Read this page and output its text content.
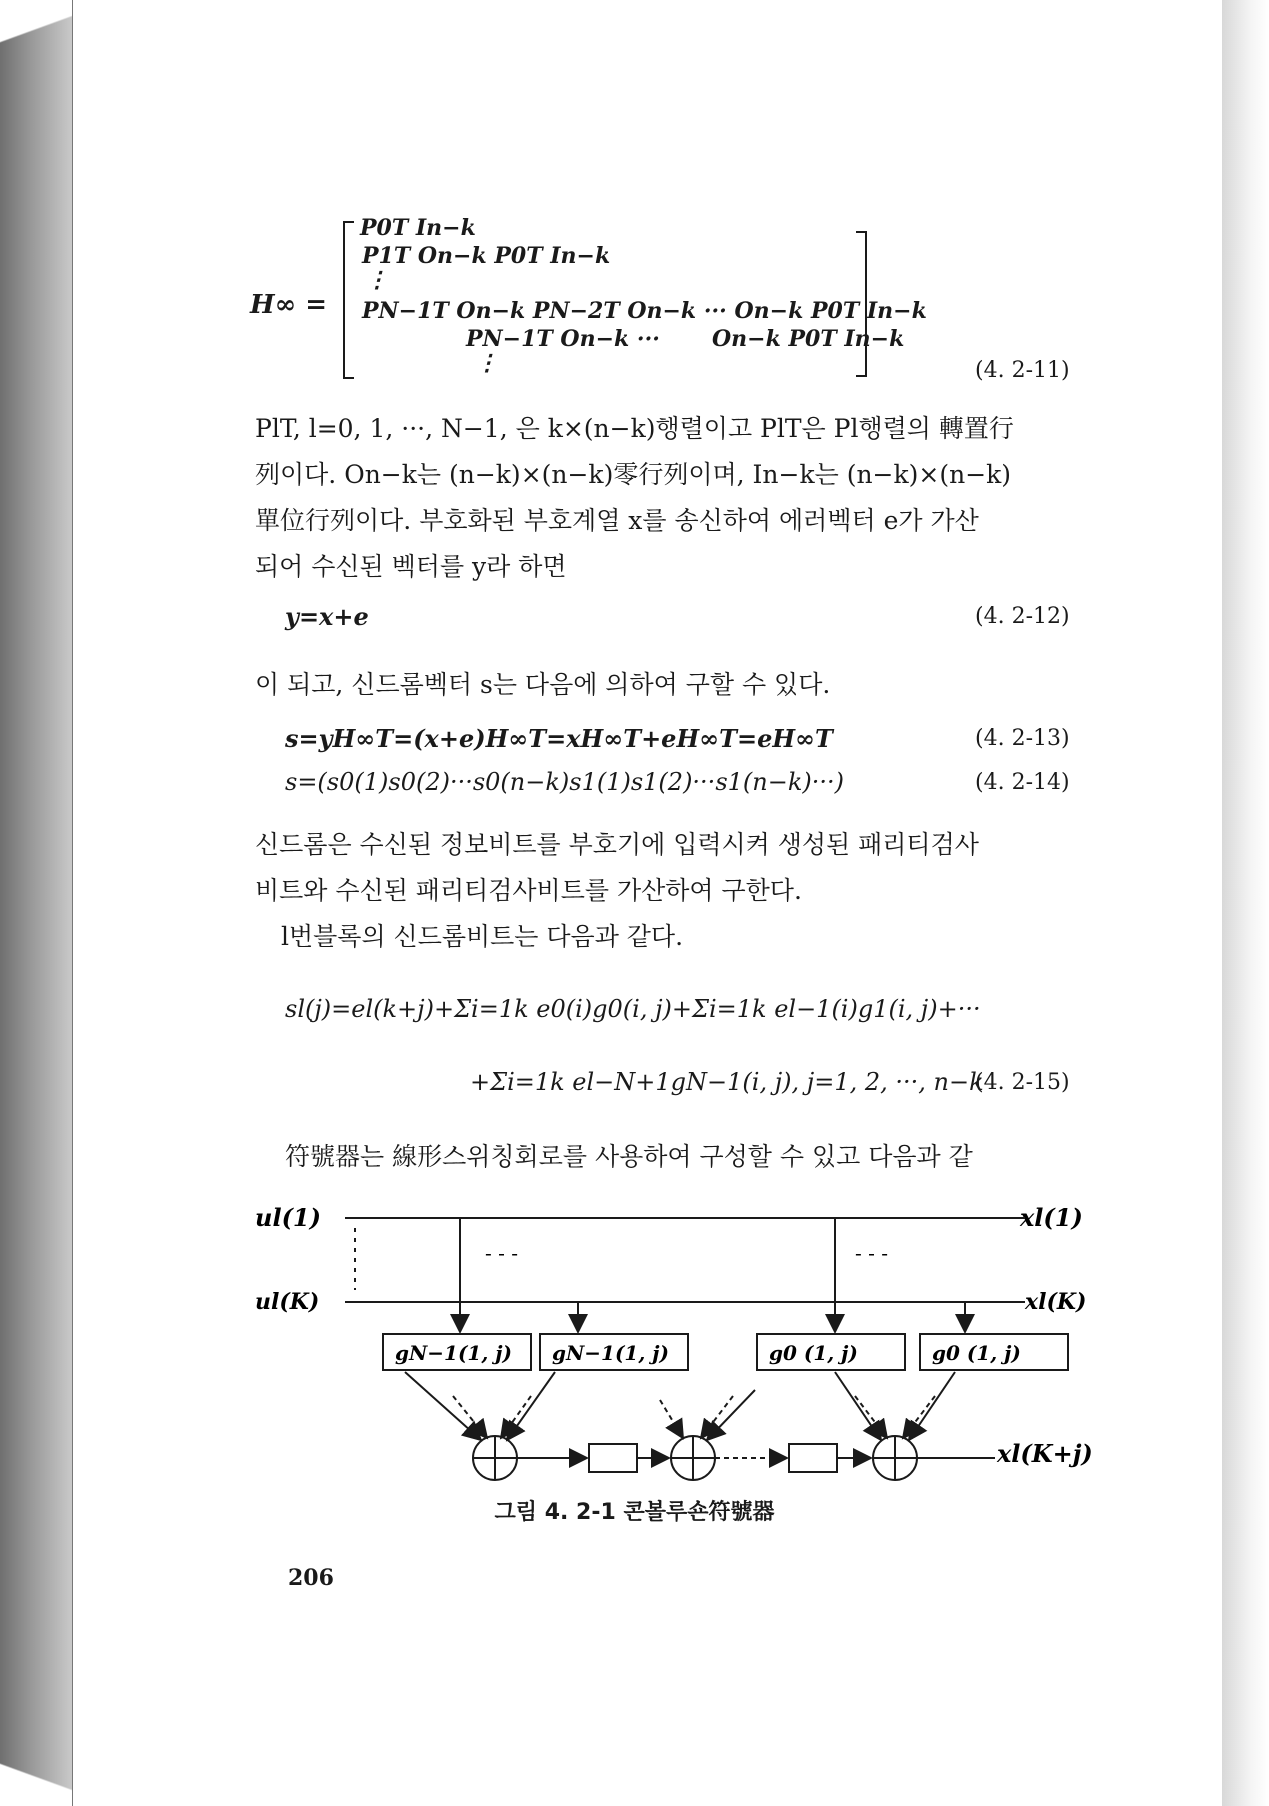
H∞ =
P0T In−k
P1T On−k P0T In−k
⋮
PN−1T On−k PN−2T On−k ··· On−k P0T In−k
PN−1T On−k ··· On−k P0T In−k
⋮	(4. 2-11)
PlT, l=0, 1, ···, N−1, 은 k×(n−k)행렬이고 PlT은 Pl행렬의 轉置行
列이다. On−k는 (n−k)×(n−k)零行列이며, In−k는 (n−k)×(n−k)
單位行列이다. 부호화된 부호계열 x를 송신하여 에러벡터 e가 가산
되어 수신된 벡터를 y라 하면
y=x+e	(4. 2-12)
이 되고, 신드롬벡터 s는 다음에 의하여 구할 수 있다.
s=yH∞T=(x+e)H∞T=xH∞T+eH∞T=eH∞T	(4. 2-13)
s=(s0(1)s0(2)···s0(n−k)s1(1)s1(2)···s1(n−k)···)	(4. 2-14)
신드롬은 수신된 정보비트를 부호기에 입력시켜 생성된 패리티검사
비트와 수신된 패리티검사비트를 가산하여 구한다.
l번블록의 신드롬비트는 다음과 같다.
sl(j)=el(k+j)+Σi=1k e0(i)g0(i, j)+Σi=1k el−1(i)g1(i, j)+···
+Σi=1k el−N+1gN−1(i, j), j=1, 2, ···, n−k
(4. 2-15)
符號器는 線形스위칭회로를 사용하여 구성할 수 있고 다음과 같
ul(1)
ul(K)
xl(1)
xl(K)
xl(K+j)
- - -	- - -
gN−1(1, j) gN−1(1, j)	g0 (1, j)	g0 (1, j)
그림 4. 2-1 콘볼루숀符號器
206
